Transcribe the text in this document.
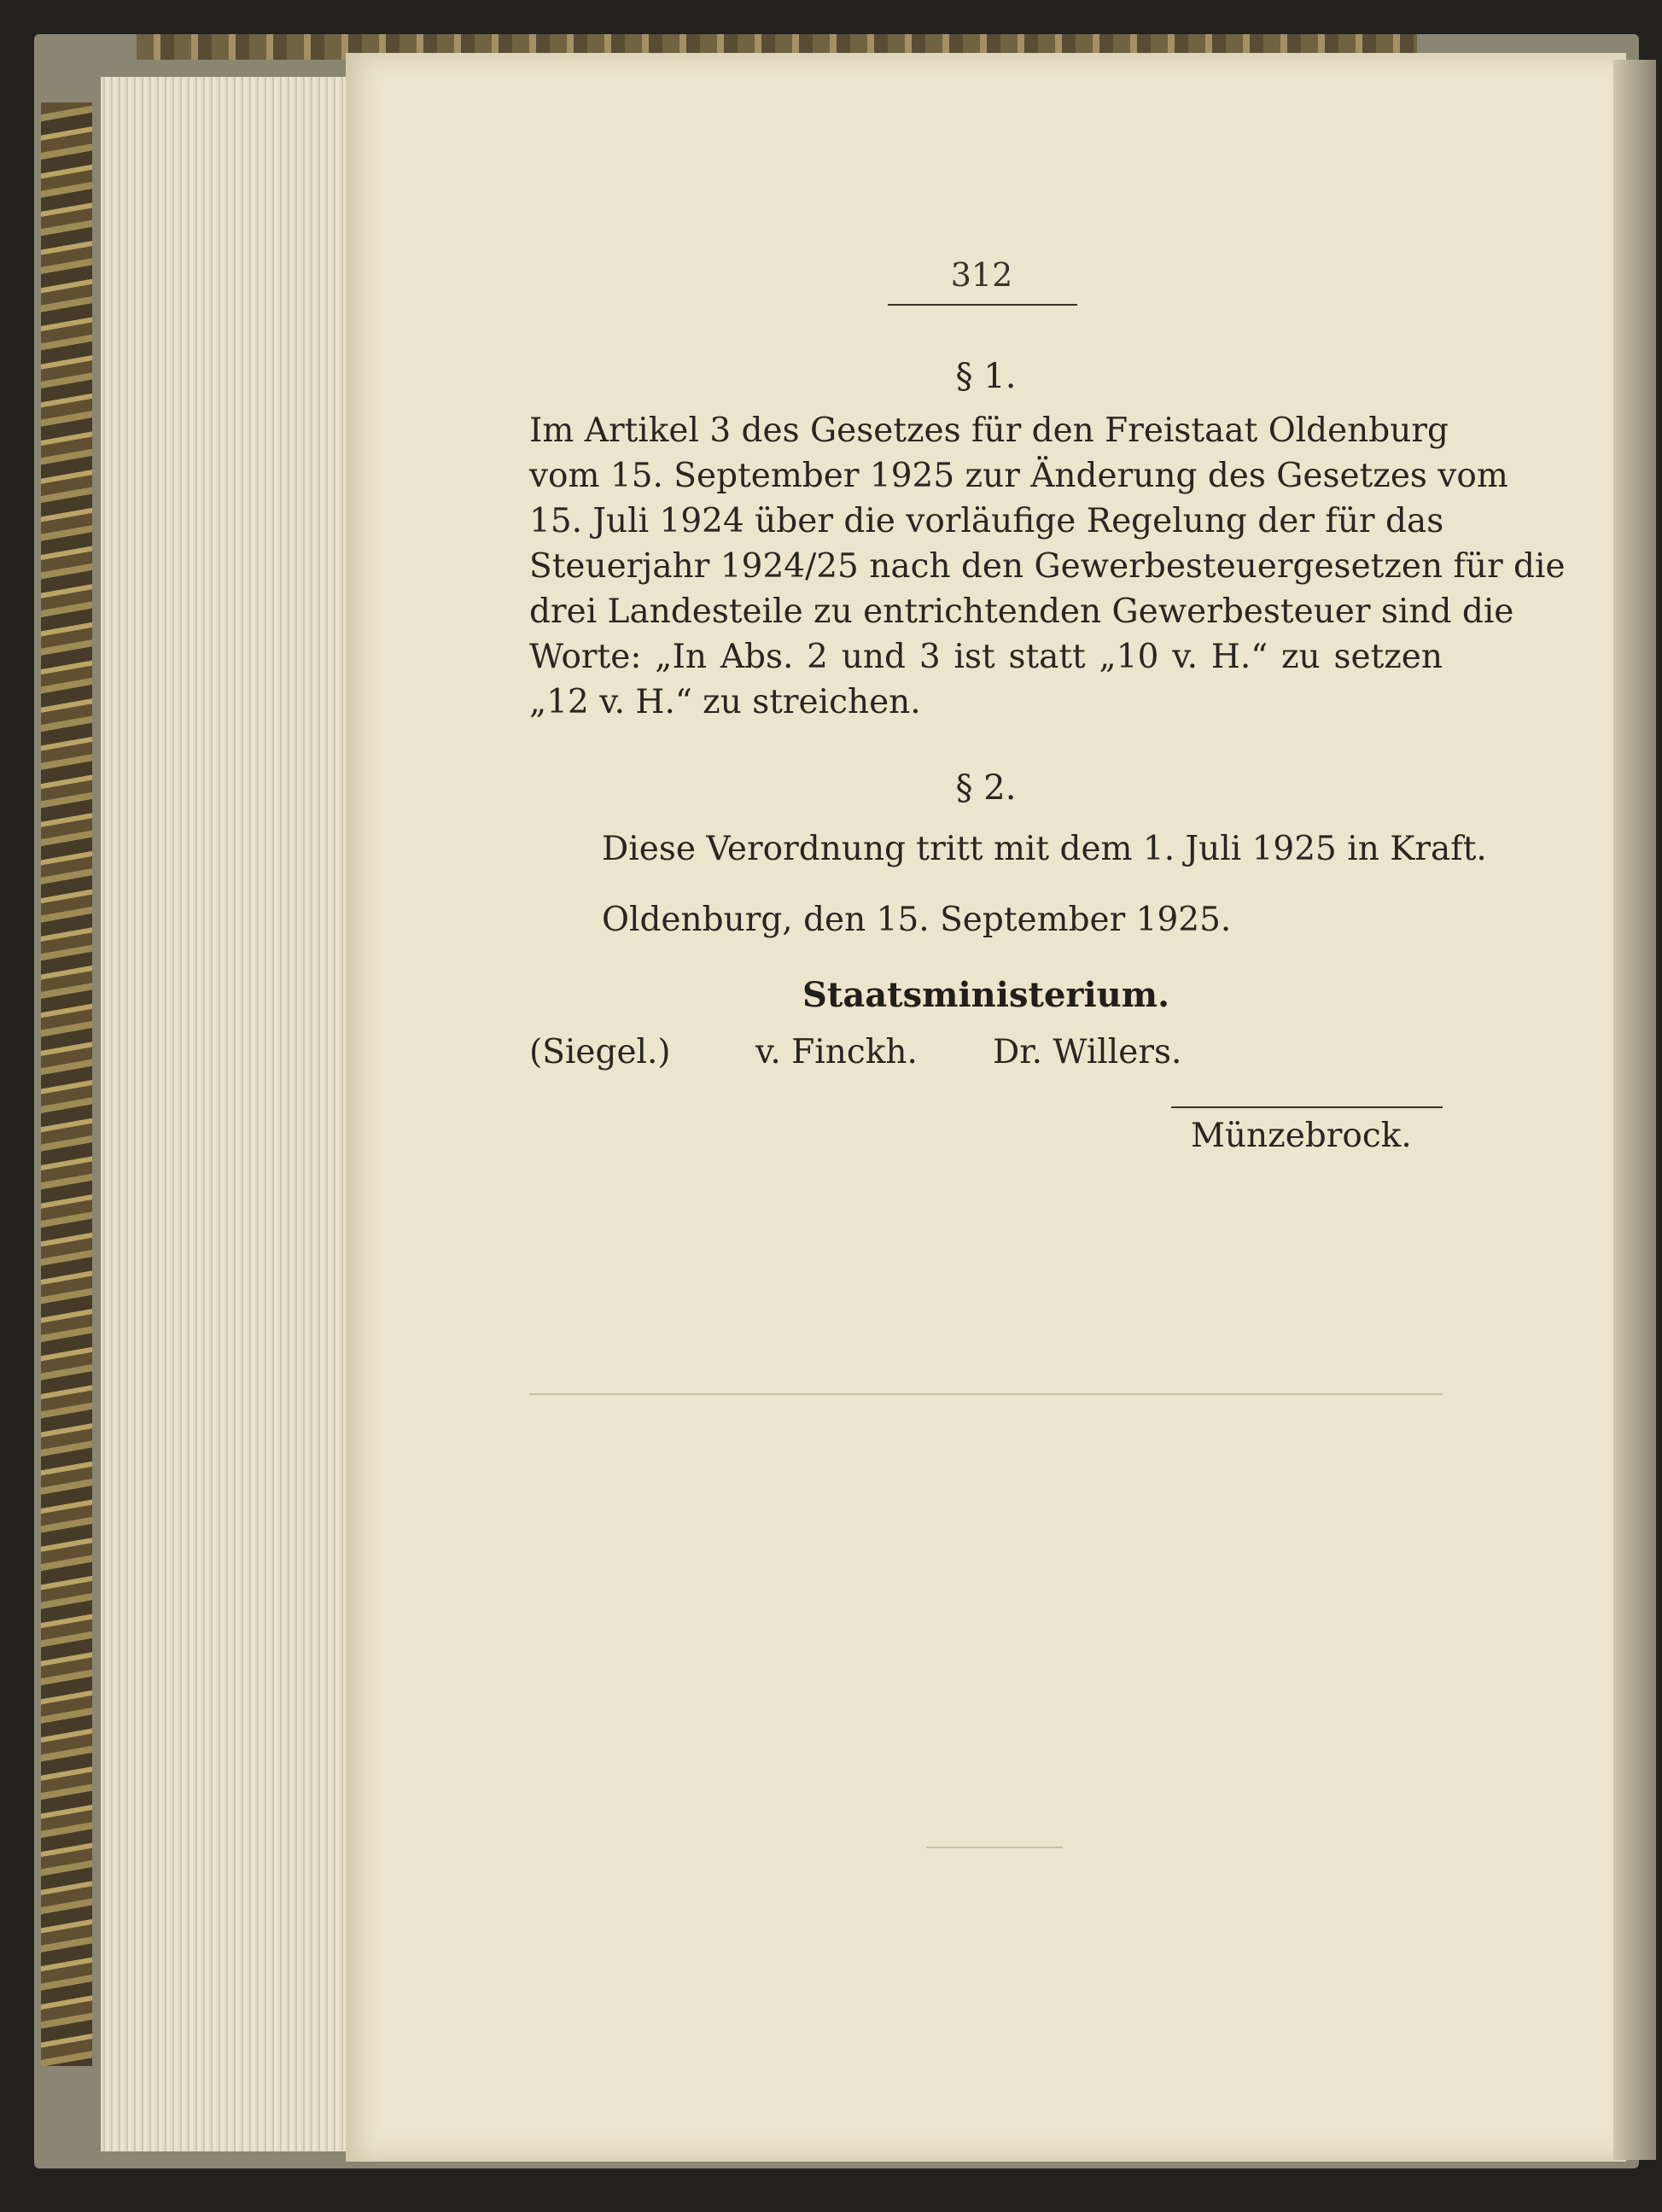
312
§ 1.
Im Artikel 3 des Gesetzes für den Freistaat Oldenburg
vom 15. September 1925 zur Änderung des Gesetzes vom
15. Juli 1924 über die vorläufige Regelung der für das
Steuerjahr 1924/25 nach den Gewerbesteuergesetzen für die
drei Landesteile zu entrichtenden Gewerbesteuer sind die
Worte: „In Abs. 2 und 3 ist statt „10 v. H.“ zu setzen
„12 v. H.“ zu streichen.
§ 2.
Diese Verordnung tritt mit dem 1. Juli 1925 in Kraft.
Oldenburg, den 15. September 1925.
Staatsministerium.
(Siegel.)	v. Finckh. Dr. Willers.
Münzebrock.
